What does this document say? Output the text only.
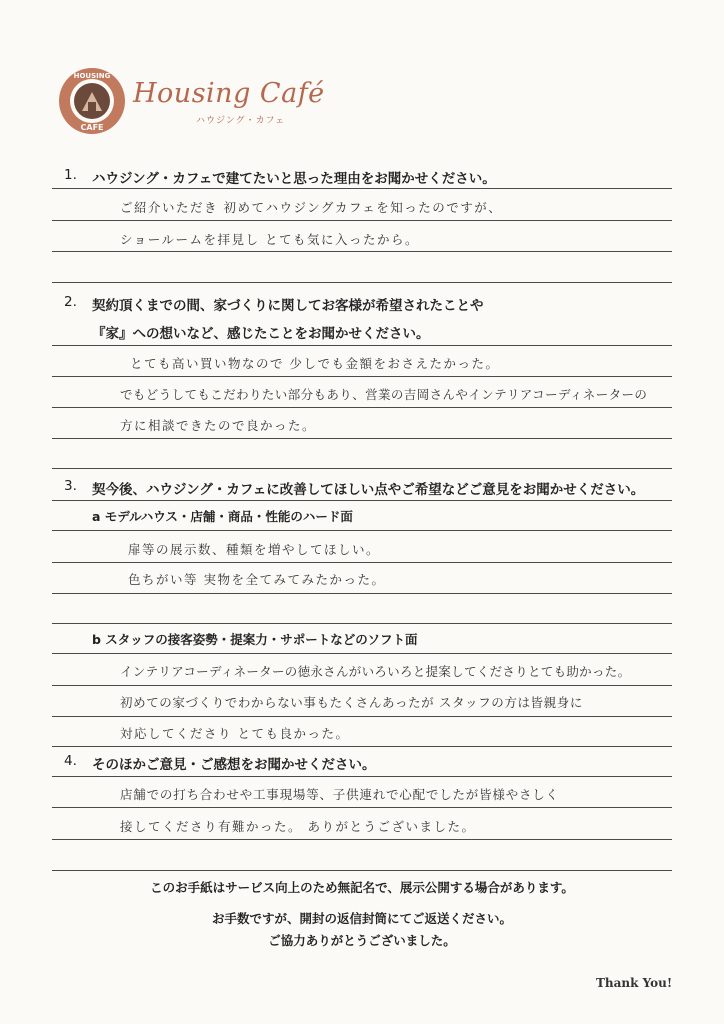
HOUSING
CAFE
Housing Café
ハウジング・カフェ
1. ハウジング・カフェで建てたいと思った理由をお聞かせください。
ご紹介いただき 初めてハウジングカフェを知ったのですが、
ショールームを拝見し とても気に入ったから。
2. 契約頂くまでの間、家づくりに関してお客様が希望されたことや
『家』への想いなど、感じたことをお聞かせください。
とても高い買い物なので 少しでも金額をおさえたかった。
でもどうしてもこだわりたい部分もあり、営業の吉岡さんやインテリアコーディネーターの
方に相談できたので良かった。
3. 契今後、ハウジング・カフェに改善してほしい点やご希望などご意見をお聞かせください。
a モデルハウス・店舗・商品・性能のハード面
扉等の展示数、種類を増やしてほしい。
色ちがい等 実物を全てみてみたかった。
b スタッフの接客姿勢・提案力・サポートなどのソフト面
インテリアコーディネーターの徳永さんがいろいろと提案してくださりとても助かった。
初めての家づくりでわからない事もたくさんあったが スタッフの方は皆親身に
対応してくださり とても良かった。
4. そのほかご意見・ご感想をお聞かせください。
店舗での打ち合わせや工事現場等、子供連れで心配でしたが皆様やさしく
接してくださり有難かった。 ありがとうございました。
このお手紙はサービス向上のため無記名で、展示公開する場合があります。
お手数ですが、開封の返信封筒にてご返送ください。
ご協力ありがとうございました。
Thank You!
